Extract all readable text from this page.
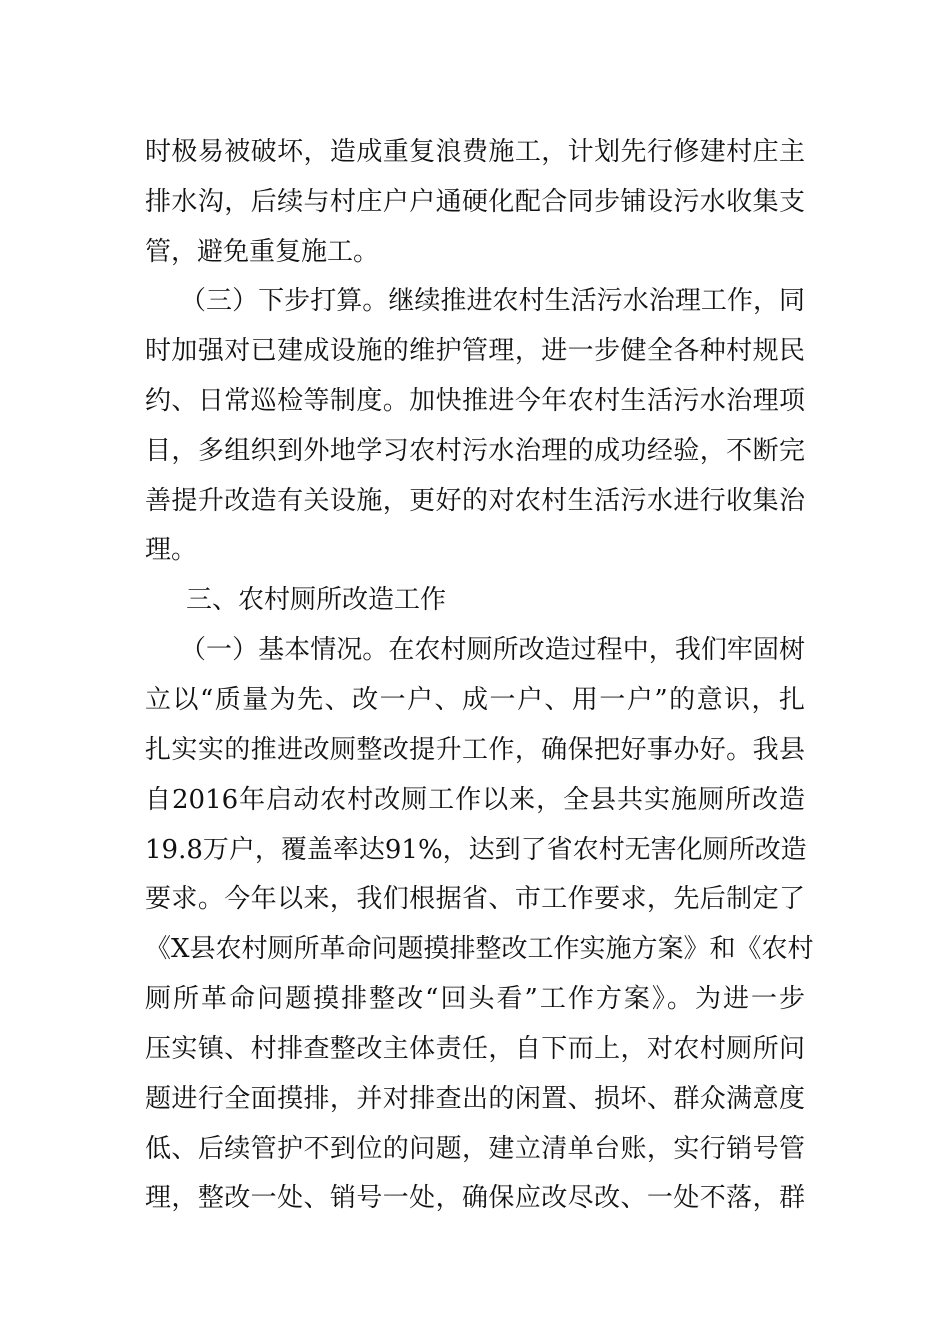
时极易被破坏，造成重复浪费施工，计划先行修建村庄主
排水沟，后续与村庄户户通硬化配合同步铺设污水收集支
管，避免重复施工。
（三）下步打算。继续推进农村生活污水治理工作，同
时加强对已建成设施的维护管理，进一步健全各种村规民
约、日常巡检等制度。加快推进今年农村生活污水治理项
目，多组织到外地学习农村污水治理的成功经验，不断完
善提升改造有关设施，更好的对农村生活污水进行收集治
理。
三、农村厕所改造工作
（一）基本情况。在农村厕所改造过程中，我们牢固树
立以“质量为先、改一户、成一户、用一户”的意识，扎
扎实实的推进改厕整改提升工作，确保把好事办好。我县
自2016年启动农村改厕工作以来，全县共实施厕所改造
19.8万户，覆盖率达91%，达到了省农村无害化厕所改造
要求。今年以来，我们根据省、市工作要求，先后制定了
《X县农村厕所革命问题摸排整改工作实施方案》和《农村
厕所革命问题摸排整改“回头看”工作方案》。为进一步
压实镇、村排查整改主体责任，自下而上，对农村厕所问
题进行全面摸排，并对排查出的闲置、损坏、群众满意度
低、后续管护不到位的问题，建立清单台账，实行销号管
理，整改一处、销号一处，确保应改尽改、一处不落，群
